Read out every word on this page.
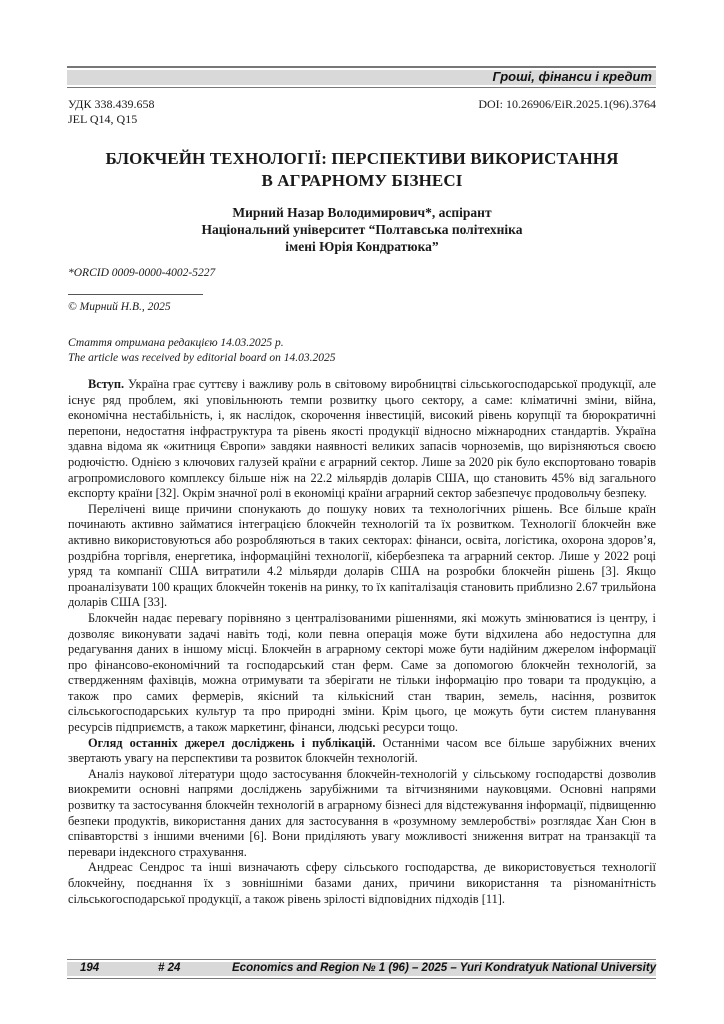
Гроші, фінанси і кредит
УДК 338.439.658
JEL Q14, Q15
DOI: 10.26906/EiR.2025.1(96).3764
БЛОКЧЕЙН ТЕХНОЛОГІЇ: ПЕРСПЕКТИВИ ВИКОРИСТАННЯ
В АГРАРНОМУ БІЗНЕСІ
Мирний Назар Володимирович*, аспірант
Національний університет “Полтавська політехніка
імені Юрія Кондратюка”
*ORCID 0009-0000-4002-5227
© Мирний Н.В., 2025
Стаття отримана редакцією 14.03.2025 р.
The article was received by editorial board on 14.03.2025

Вступ. Україна грає суттєву і важливу роль в світовому виробництві сільськогосподарської продукції, але існує ряд проблем, які уповільнюють темпи розвитку цього сектору, а саме: кліматичні зміни, війна, економічна нестабільність, і, як наслідок, скорочення інвестицій, високий рівень корупції та бюрократичні перепони, недостатня інфраструктура та рівень якості продукції відносно міжнародних стандартів. Україна здавна відома як «житниця Європи» завдяки наявності великих запасів чорноземів, що вирізняються своєю родючістю. Однією з ключових галузей країни є аграрний сектор. Лише за 2020 рік було експортовано товарів агропромислового комплексу більше ніж на 22.2 мільярдів доларів США, що становить 45% від загального експорту країни [32]. Окрім значної ролі в економіці країни аграрний сектор забезпечує продовольчу безпеку.

Перелічені вище причини спонукають до пошуку нових та технологічних рішень. Все більше країн починають активно займатися інтеграцією блокчейн технологій та їх розвитком. Технології блокчейн вже активно використовуються або розробляються в таких секторах: фінанси, освіта, логістика, охорона здоров’я, роздрібна торгівля, енергетика, інформаційні технології, кібербезпека та аграрний сектор. Лише у 2022 році уряд та компанії США витратили 4.2 мільярди доларів США на розробки блокчейн рішень [3]. Якщо проаналізувати 100 кращих блокчейн токенів на ринку, то їх капіталізація становить приблизно 2.67 трильйона доларів США [33].

Блокчейн надає перевагу порівняно з централізованими рішеннями, які можуть змінюватися із центру, і дозволяє виконувати задачі навіть тоді, коли певна операція може бути відхилена або недоступна для редагування даних в іншому місці. Блокчейн в аграрному секторі може бути надійним джерелом інформації про фінансово-економічний та господарський стан ферм. Саме за допомогою блокчейн технологій, за ствердженням фахівців, можна отримувати та зберігати не тільки інформацію про товари та продукцію, а також про самих фермерів, якісний та кількісний стан тварин, земель, насіння, розвиток сільськогосподарських культур та про природні зміни. Крім цього, це можуть бути систем планування ресурсів підприємств, а також маркетинг, фінанси, людські ресурси тощо.

Огляд останніх джерел досліджень і публікацій. Останніми часом все більше зарубіжних вчених звертають увагу на перспективи та розвиток блокчейн технологій.

Аналіз наукової літератури щодо застосування блокчейн-технологій у сільському господарстві дозволив виокремити основні напрями досліджень зарубіжними та вітчизняними науковцями. Основні напрями розвитку та застосування блокчейн технологій в аграрному бізнесі для відстежування інформації, підвищенню безпеки продуктів, використання даних для застосування в «розумному землеробстві» розглядає Хан Сюн в співавторстві з іншими вченими [6]. Вони приділяють увагу можливості зниження витрат на транзакції та перевари індексного страхування.

Андреас Сендрос та інші визначають сферу сільського господарства, де використовується технології блокчейну, поєднання їх з зовнішніми базами даних, причини використання та різноманітність сільськогосподарської продукції, а також рівень зрілості відповідних підходів [11].

194	# 24	Economics and Region № 1 (96) – 2025 – Yuri Kondratyuk National University
